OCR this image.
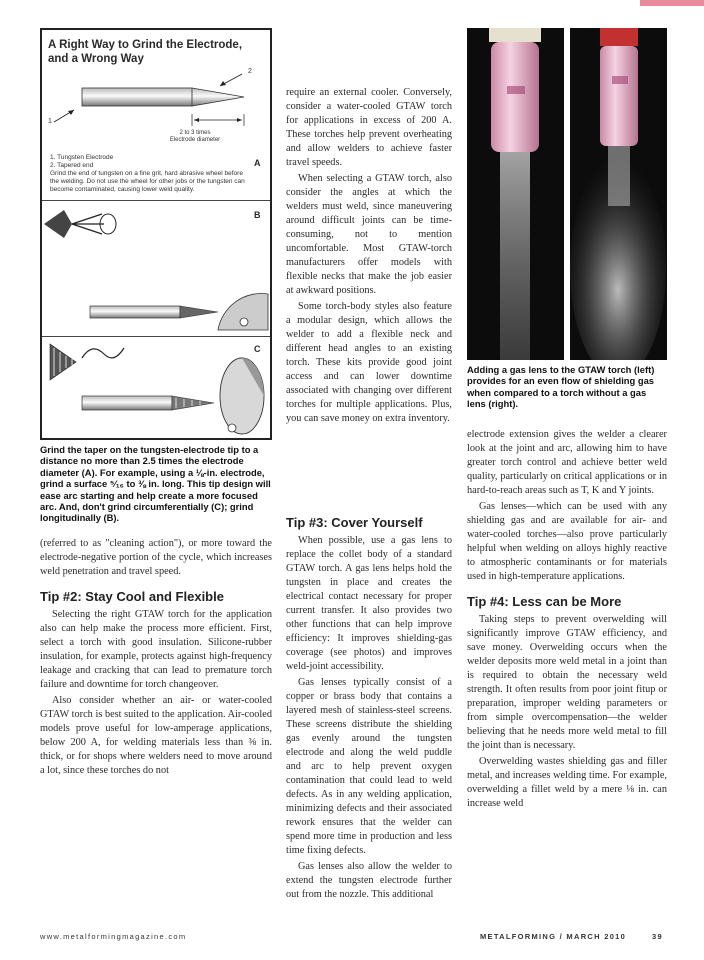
A Right Way to Grind the Electrode,
and a Wrong Way
1
2
2 to 3 times
Electrode diameter
A
1. Tungsten Electrode
2. Tapered end
Grind the end of tungsten on a fine grit, hard abrasive wheel before the welding. Do not use the wheel for other jobs or the tungsten can become contaminated, causing lower weld quality.
B
C
Grind the taper on the tungsten-electrode tip to a distance no more than 2.5 times the electrode diameter (A). For example, using a ⅛-in. electrode, grind a surface ⁵⁄₁₆ to ⅜ in. long. This tip design will ease arc starting and help create a more focused arc. And, don't grind circumferentially (C); grind longitudinally (B).
(referred to as "cleaning action"), or more toward the electrode-negative portion of the cycle, which increases weld penetration and travel speed.
Tip #2: Stay Cool and Flexible
Selecting the right GTAW torch for the application also can help make the process more efficient. First, select a torch with good insulation. Silicone-rubber insulation, for example, protects against high-frequency leakage and cracking that can lead to premature torch failure and downtime for torch changeover.
Also consider whether an air- or water-cooled GTAW torch is best suited to the application. Air-cooled models prove useful for low-amperage applications, below 200 A, for welding materials less than ⅜ in. thick, or for shops where welders need to move around a lot, since these torches do not
require an external cooler. Conversely, consider a water-cooled GTAW torch for applications in excess of 200 A. These torches help prevent overheating and allow welders to achieve faster travel speeds.
When selecting a GTAW torch, also consider the angles at which the welders must weld, since maneuvering around difficult joints can be time-consuming, not to mention uncomfortable. Most GTAW-torch manufacturers offer models with flexible necks that make the job easier at awkward positions.
Some torch-body styles also feature a modular design, which allows the welder to add a flexible neck and different head angles to an existing torch. These kits provide good joint access and can lower downtime associated with changing over different torches for multiple applications. Plus, you can save money on extra inventory.
Tip #3: Cover Yourself
When possible, use a gas lens to replace the collet body of a standard GTAW torch. A gas lens helps hold the tungsten in place and creates the electrical contact necessary for proper current transfer. It also provides two other functions that can help improve efficiency: It improves shielding-gas coverage (see photos) and improves weld-joint accessibility.
Gas lenses typically consist of a copper or brass body that contains a layered mesh of stainless-steel screens. These screens distribute the shielding gas evenly around the tungsten electrode and along the weld puddle and arc to help prevent oxygen contamination that could lead to weld defects. As in any welding application, minimizing defects and their associated rework ensures that the welder can spend more time in production and less time fixing defects.
Gas lenses also allow the welder to extend the tungsten electrode further out from the nozzle. This additional
Adding a gas lens to the GTAW torch (left) provides for an even flow of shielding gas when compared to a torch without a gas lens (right).
electrode extension gives the welder a clearer look at the joint and arc, allowing him to have greater torch control and achieve better weld quality, particularly on critical applications or in hard-to-reach areas such as T, K and Y joints.
Gas lenses—which can be used with any shielding gas and are available for air- and water-cooled torches—also prove particularly helpful when welding on alloys highly reactive to atmospheric contaminants or for materials used in high-temperature applications.
Tip #4: Less can be More
Taking steps to prevent overwelding will significantly improve GTAW efficiency, and save money. Overwelding occurs when the welder deposits more weld metal in a joint than is required to obtain the necessary weld strength. It often results from poor joint fitup or preparation, improper welding parameters or from simple overcompensation—the welder believing that he needs more weld metal to fill the joint than is necessary.
Overwelding wastes shielding gas and filler metal, and increases welding time. For example, overwelding a fillet weld by a mere ⅛ in. can increase weld
www.metalformingmagazine.com	METALFORMING / MARCH 2010	39
